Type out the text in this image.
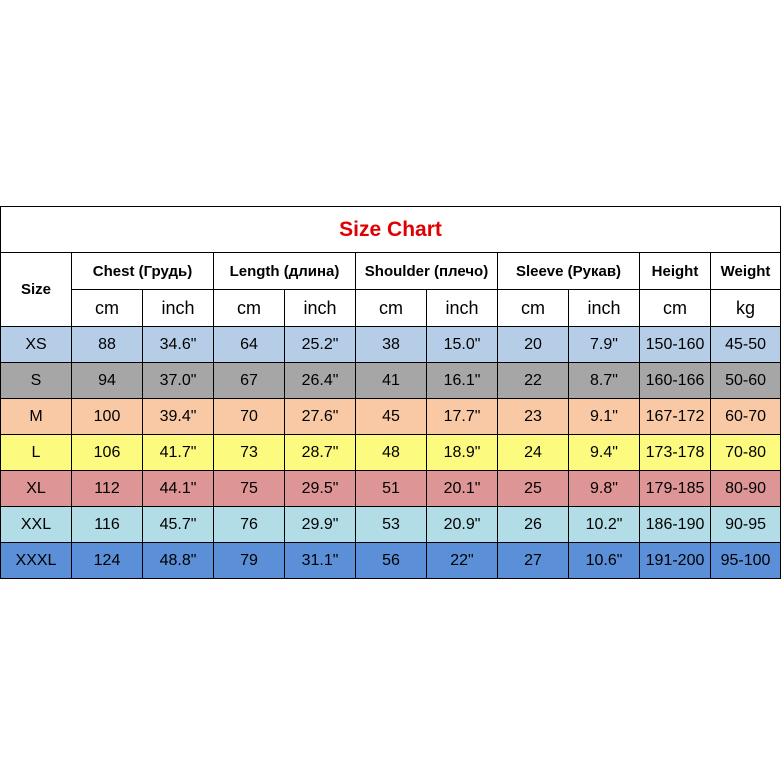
Size Chart										
Size	Chest (Грудь)		Length (длина)		Shoulder (плечо)		Sleeve (Рукав)		Height	Weight
	cm	inch	cm	inch	cm	inch	cm	inch	cm	kg
XS	88	34.6"	64	25.2"	38	15.0"	20	7.9"	150-160	45-50
S	94	37.0"	67	26.4"	41	16.1"	22	8.7"	160-166	50-60
M	100	39.4"	70	27.6"	45	17.7"	23	9.1"	167-172	60-70
L	106	41.7"	73	28.7"	48	18.9"	24	9.4"	173-178	70-80
XL	112	44.1"	75	29.5"	51	20.1"	25	9.8"	179-185	80-90
XXL	116	45.7"	76	29.9"	53	20.9"	26	10.2"	186-190	90-95
XXXL	124	48.8"	79	31.1"	56	22"	27	10.6"	191-200	95-100
